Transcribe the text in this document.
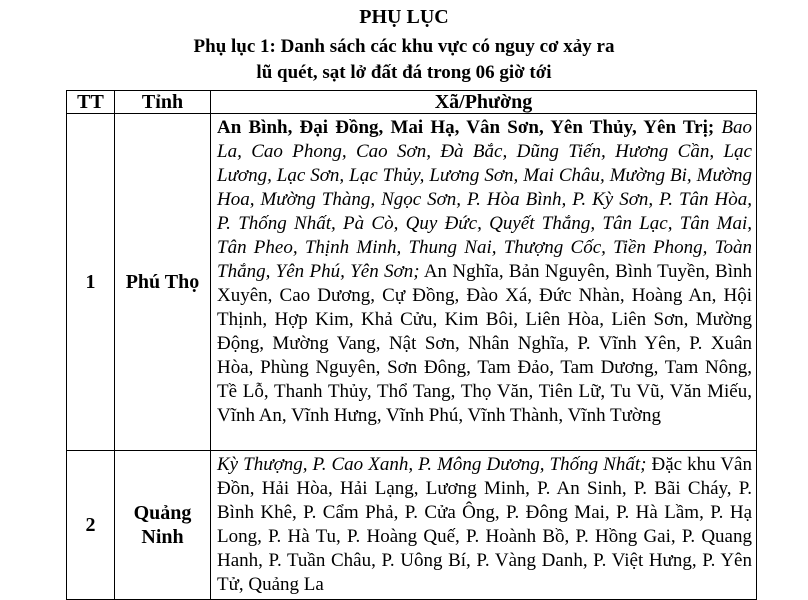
PHỤ LỤC
Phụ lục 1: Danh sách các khu vực có nguy cơ xảy ra
lũ quét, sạt lở đất đá trong 06 giờ tới
TT	Tỉnh	Xã/Phường
1	Phú Thọ	An Bình, Đại Đồng, Mai Hạ, Vân Sơn, Yên Thủy, Yên Trị; Bao La, Cao Phong, Cao Sơn, Đà Bắc, Dũng Tiến, Hương Cần, Lạc Lương, Lạc Sơn, Lạc Thủy, Lương Sơn, Mai Châu, Mường Bi, Mường Hoa, Mường Thàng, Ngọc Sơn, P. Hòa Bình, P. Kỳ Sơn, P. Tân Hòa, P. Thống Nhất, Pà Cò, Quy Đức, Quyết Thắng, Tân Lạc, Tân Mai, Tân Pheo, Thịnh Minh, Thung Nai, Thượng Cốc, Tiền Phong, Toàn Thắng, Yên Phú, Yên Sơn; An Nghĩa, Bản Nguyên, Bình Tuyền, Bình Xuyên, Cao Dương, Cự Đồng, Đào Xá, Đức Nhàn, Hoàng An, Hội Thịnh, Hợp Kim, Khả Cửu, Kim Bôi, Liên Hòa, Liên Sơn, Mường Động, Mường Vang, Nật Sơn, Nhân Nghĩa, P. Vĩnh Yên, P. Xuân Hòa, Phùng Nguyên, Sơn Đông, Tam Đảo, Tam Dương, Tam Nông, Tề Lỗ, Thanh Thủy, Thổ Tang, Thọ Văn, Tiên Lữ, Tu Vũ, Văn Miếu, Vĩnh An, Vĩnh Hưng, Vĩnh Phú, Vĩnh Thành, Vĩnh Tường
2	Quảng Ninh	Kỳ Thượng, P. Cao Xanh, P. Mông Dương, Thống Nhất; Đặc khu Vân Đồn, Hải Hòa, Hải Lạng, Lương Minh, P. An Sinh, P. Bãi Cháy, P. Bình Khê, P. Cẩm Phả, P. Cửa Ông, P. Đông Mai, P. Hà Lầm, P. Hạ Long, P. Hà Tu, P. Hoàng Quế, P. Hoành Bồ, P. Hồng Gai, P. Quang Hanh, P. Tuần Châu, P. Uông Bí, P. Vàng Danh, P. Việt Hưng, P. Yên Tử, Quảng La
